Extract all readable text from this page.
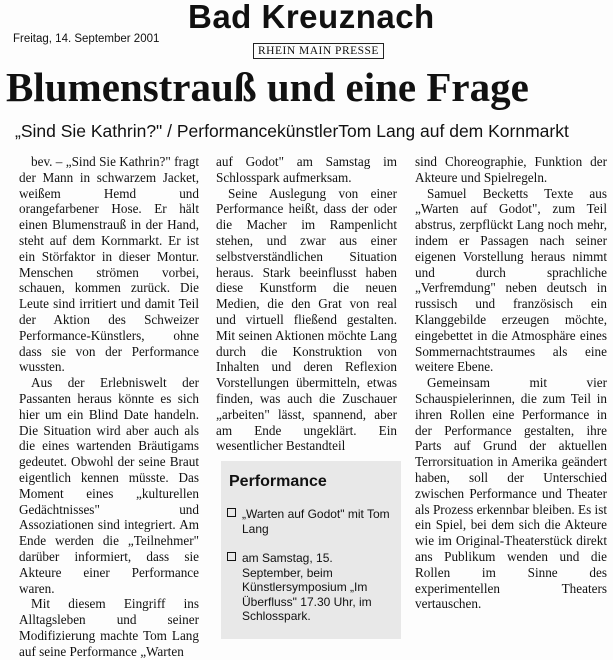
Freitag, 14. September 2001
Bad Kreuznach
RHEIN MAIN PRESSE
Blumenstrauß und eine Frage
„Sind Sie Kathrin?" / PerformancekünstlerTom Lang auf dem Kornmarkt

bev. – „Sind Sie Kathrin?" fragt der Mann in schwarzem Jacket, weißem Hemd und orangefarbener Hose. Er hält einen Blumenstrauß in der Hand, steht auf dem Kornmarkt. Er ist ein Störfaktor in dieser Montur. Menschen strömen vorbei, schauen, kommen zurück. Die Leute sind irritiert und damit Teil der Aktion des Schweizer Performance-Künstlers, ohne dass sie von der Performance wussten.

Aus der Erlebniswelt der Passanten heraus könnte es sich hier um ein Blind Date handeln. Die Situation wird aber auch als die eines wartenden Bräutigams gedeutet. Obwohl der seine Braut eigentlich kennen müsste. Das Moment eines „kulturellen Gedächtnisses" und Assoziationen sind integriert. Am Ende werden die „Teilnehmer" darüber informiert, dass sie Akteure einer Performance waren.

Mit diesem Eingriff ins Alltagsleben und seiner Modifizierung machte Tom Lang auf seine Performance „Warten

auf Godot" am Samstag im Schlosspark aufmerksam.

Seine Auslegung von einer Performance heißt, dass der oder die Macher im Rampenlicht stehen, und zwar aus einer selbstverständlichen Situation heraus. Stark beeinflusst haben diese Kunstform die neuen Medien, die den Grat von real und virtuell fließend gestalten. Mit seinen Aktionen möchte Lang durch die Konstruktion von Inhalten und deren Reflexion Vorstellungen übermitteln, etwas finden, was auch die Zuschauer „arbeiten" lässt, spannend, aber am Ende ungeklärt. Ein wesentlicher Bestandteil

sind Choreographie, Funktion der Akteure und Spielregeln.

Samuel Becketts Texte aus „Warten auf Godot", zum Teil abstrus, zerpflückt Lang noch mehr, indem er Passagen nach seiner eigenen Vorstellung heraus nimmt und durch sprachliche „Verfremdung" neben deutsch in russisch und französisch ein Klanggebilde erzeugen möchte, eingebettet in die Atmosphäre eines Sommernachtstraumes als eine weitere Ebene.

Gemeinsam mit vier Schauspielerinnen, die zum Teil in ihren Rollen eine Performance in der Performance gestalten, ihre Parts auf Grund der aktuellen Terrorsituation in Amerika geändert haben, soll der Unterschied zwischen Performance und Theater als Prozess erkennbar bleiben. Es ist ein Spiel, bei dem sich die Akteure wie im Original-Theaterstück direkt ans Publikum wenden und die Rollen im Sinne des experimentellen Theaters vertauschen.

Performance
„Warten auf Godot" mit Tom Lang
am Samstag, 15. September, beim Künstlersymposium „Im Überfluss" 17.30 Uhr, im Schlosspark.
